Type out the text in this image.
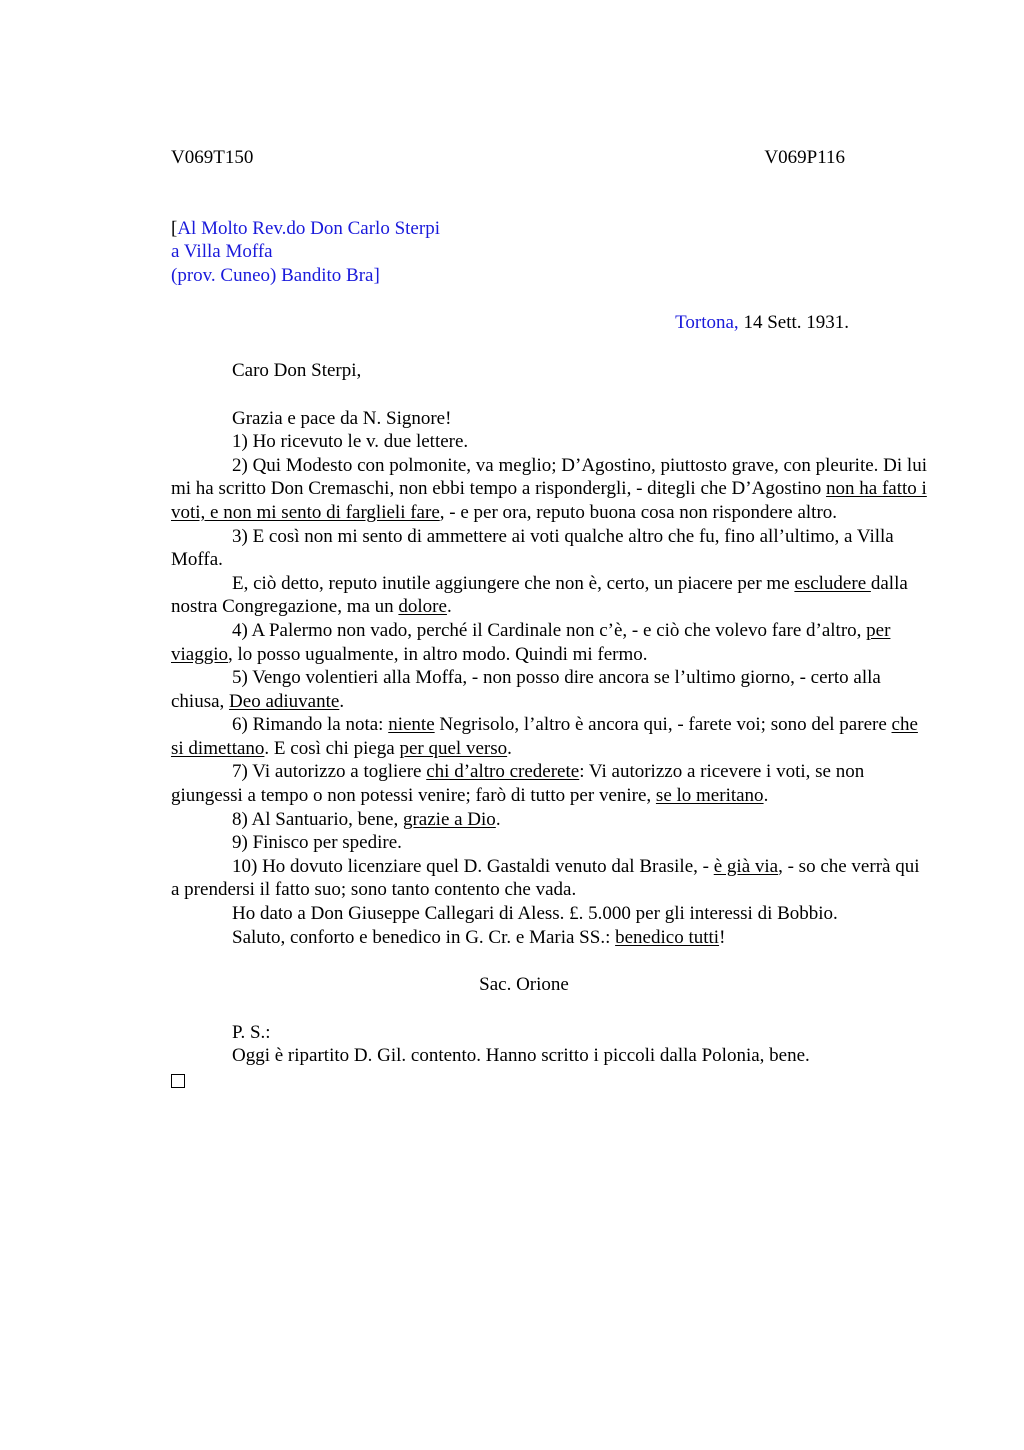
V069T150	V069P116
[Al Molto Rev.do Don Carlo Sterpi
a Villa Moffa
(prov. Cuneo) Bandito Bra]
Tortona, 14 Sett. 1931.
Caro Don Sterpi,

Grazia e pace da N. Signore!

1) Ho ricevuto le v. due lettere.

2) Qui Modesto con polmonite, va meglio; D’Agostino, piuttosto grave, con pleurite. Di lui mi ha scritto Don Cremaschi, non ebbi tempo a rispondergli, - ditegli che D’Agostino non ha fatto i voti, e non mi sento di farglieli fare, - e per ora, reputo buona cosa non rispondere altro.

3) E così non mi sento di ammettere ai voti qualche altro che fu, fino all’ultimo, a Villa Moffa.

E, ciò detto, reputo inutile aggiungere che non è, certo, un piacere per me escludere dalla nostra Congregazione, ma un dolore.

4) A Palermo non vado, perché il Cardinale non c’è, - e ciò che volevo fare d’altro, per viaggio, lo posso ugualmente, in altro modo. Quindi mi fermo.

5) Vengo volentieri alla Moffa, - non posso dire ancora se l’ultimo giorno, - certo alla chiusa, Deo adiuvante.

6) Rimando la nota: niente Negrisolo, l’altro è ancora qui, - farete voi; sono del parere che si dimettano. E così chi piega per quel verso.

7) Vi autorizzo a togliere chi d’altro crederete: Vi autorizzo a ricevere i voti, se non giungessi a tempo o non potessi venire; farò di tutto per venire, se lo meritano.

8) Al Santuario, bene, grazie a Dio.

9) Finisco per spedire.

10) Ho dovuto licenziare quel D. Gastaldi venuto dal Brasile, - è già via, - so che verrà qui a prendersi il fatto suo; sono tanto contento che vada.

Ho dato a Don Giuseppe Callegari di Aless. £. 5.000 per gli interessi di Bobbio.

Saluto, conforto e benedico in G. Cr. e Maria SS.: benedico tutti!

Sac. Orione
P. S.:
Oggi è ripartito D. Gil. contento. Hanno scritto i piccoli dalla Polonia, bene.
